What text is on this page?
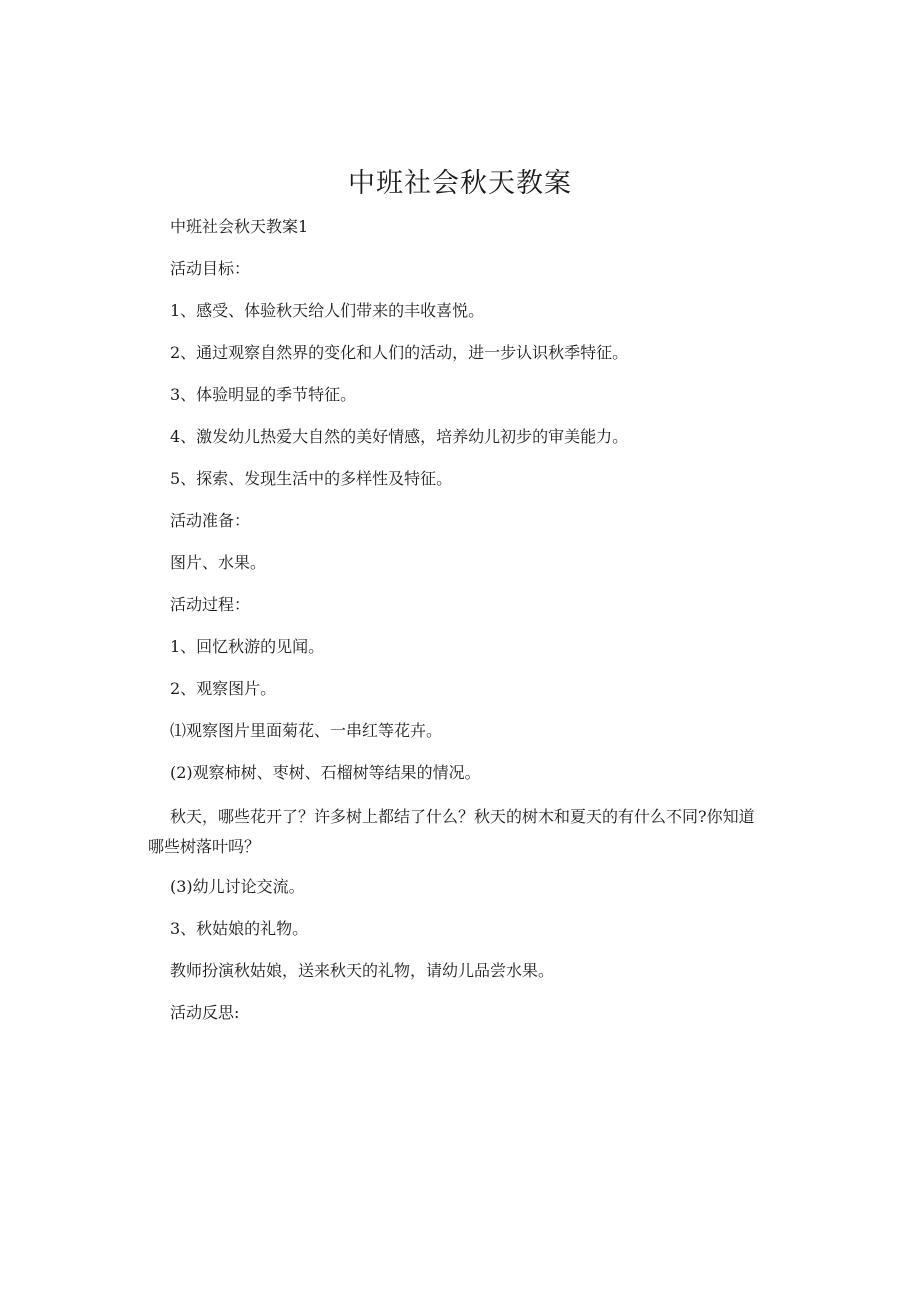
中班社会秋天教案

中班社会秋天教案1

活动目标：

1、感受、体验秋天给人们带来的丰收喜悦。

2、通过观察自然界的变化和人们的活动，进一步认识秋季特征。

3、体验明显的季节特征。

4、激发幼儿热爱大自然的美好情感，培养幼儿初步的审美能力。

5、探索、发现生活中的多样性及特征。

活动准备：

图片、水果。

活动过程：

1、回忆秋游的见闻。

2、观察图片。

⑴观察图片里面菊花、一串红等花卉。

(2)观察柿树、枣树、石榴树等结果的情况。

秋天，哪些花开了？许多树上都结了什么？秋天的树木和夏天的有什么不同?你知道哪些树落叶吗？

(3)幼儿讨论交流。

3、秋姑娘的礼物。

教师扮演秋姑娘，送来秋天的礼物，请幼儿品尝水果。

活动反思:
